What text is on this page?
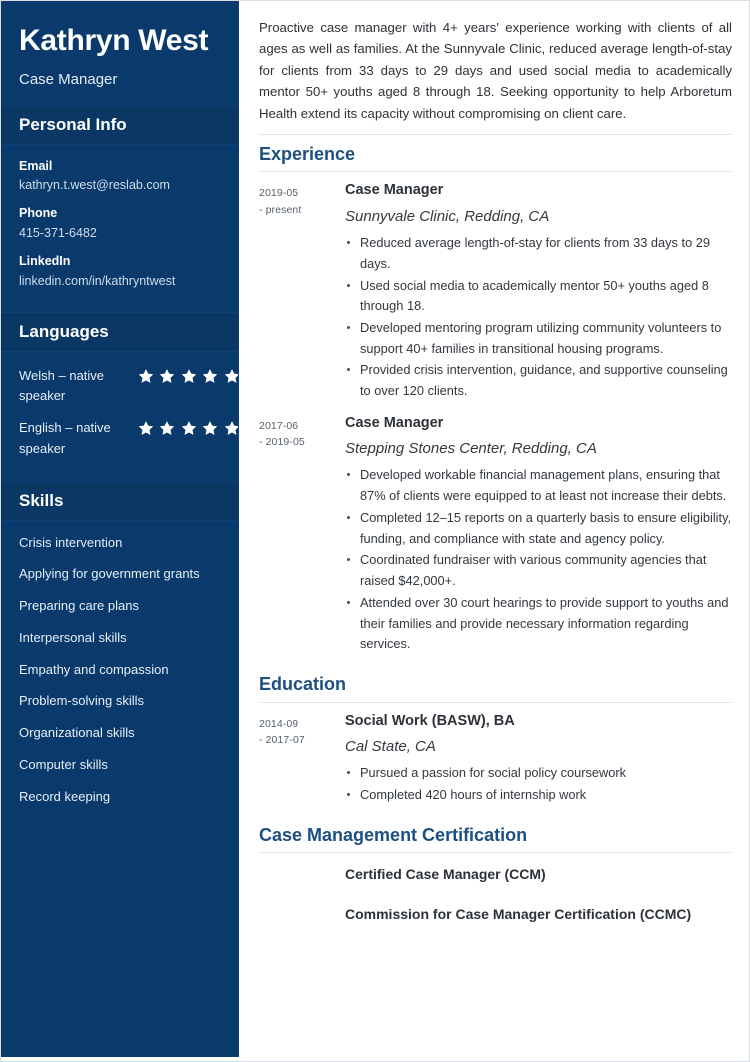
Kathryn West
Case Manager
Personal Info
Email
kathryn.t.west@reslab.com
Phone
415-371-6482
LinkedIn
linkedin.com/in/kathryntwest
Languages
Welsh – native speaker

English – native speaker

Skills
Crisis intervention
Applying for government grants
Preparing care plans
Interpersonal skills
Empathy and compassion
Problem-solving skills
Organizational skills
Computer skills
Record keeping

Proactive case manager with 4+ years' experience working with clients of all ages as well as families. At the Sunnyvale Clinic, reduced average length-of-stay for clients from 33 days to 29 days and used social media to academically mentor 50+ youths aged 8 through 18. Seeking opportunity to help Arboretum Health extend its capacity without compromising on client care.

Experience
2019-05
- present
Case Manager
Sunnyvale Clinic, Redding, CA
Reduced average length-of-stay for clients from 33 days to 29 days.
Used social media to academically mentor 50+ youths aged 8 through 18.
Developed mentoring program utilizing community volunteers to support 40+ families in transitional housing programs.
Provided crisis intervention, guidance, and supportive counseling to over 120 clients.
2017-06
- 2019-05
Case Manager
Stepping Stones Center, Redding, CA
Developed workable financial management plans, ensuring that 87% of clients were equipped to at least not increase their debts.
Completed 12–15 reports on a quarterly basis to ensure eligibility, funding, and compliance with state and agency policy.
Coordinated fundraiser with various community agencies that raised $42,000+.
Attended over 30 court hearings to provide support to youths and their families and provide necessary information regarding services.
Education
2014-09
- 2017-07
Social Work (BASW), BA
Cal State, CA
Pursued a passion for social policy coursework
Completed 420 hours of internship work
Case Management Certification
Certified Case Manager (CCM)
Commission for Case Manager Certification (CCMC)
